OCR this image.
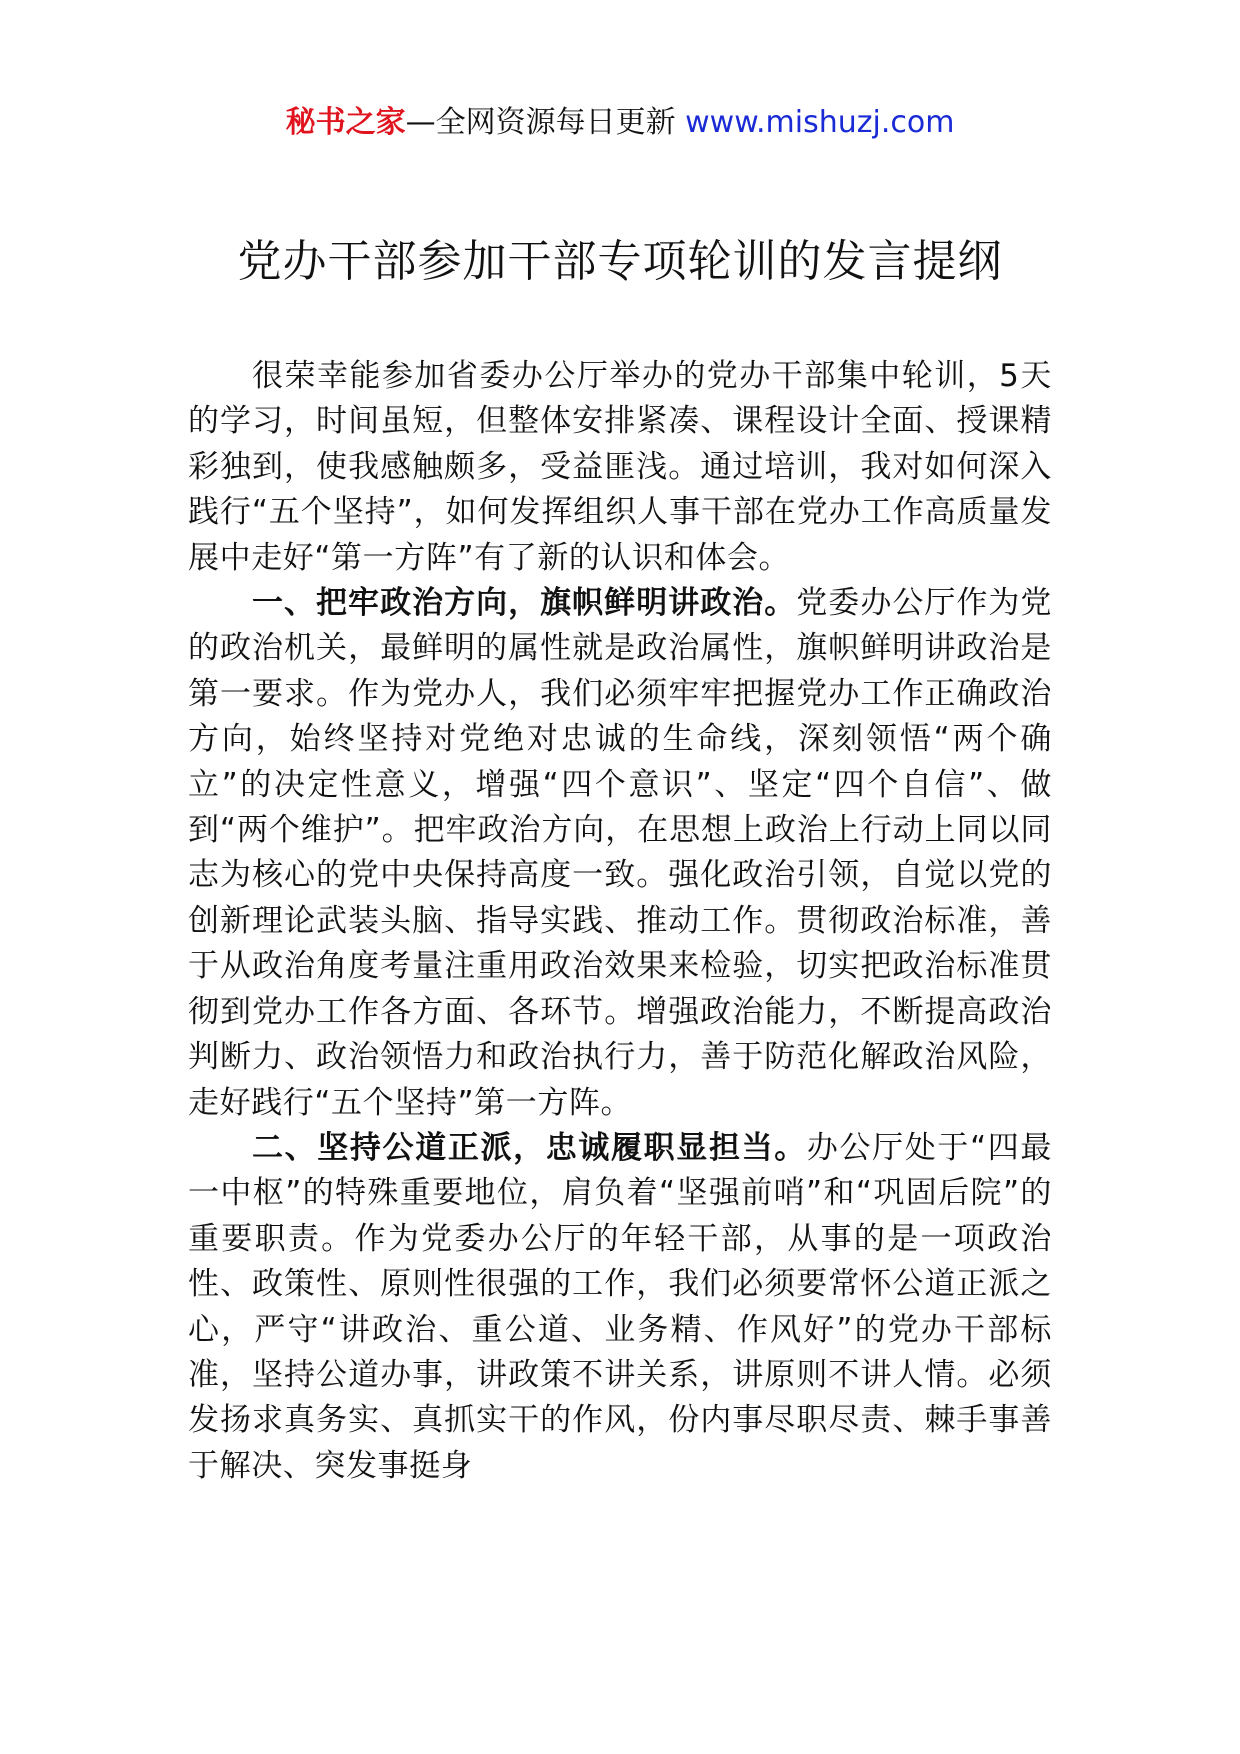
秘书之家—全网资源每日更新 www.mishuzj.com
党办干部参加干部专项轮训的发言提纲

很荣幸能参加省委办公厅举办的党办干部集中轮训，5天的学习，时间虽短，但整体安排紧凑、课程设计全面、授课精彩独到，使我感触颇多，受益匪浅。通过培训，我对如何深入践行“五个坚持”，如何发挥组织人事干部在党办工作高质量发展中走好“第一方阵”有了新的认识和体会。

一、把牢政治方向，旗帜鲜明讲政治。党委办公厅作为党的政治机关，最鲜明的属性就是政治属性，旗帜鲜明讲政治是第一要求。作为党办人，我们必须牢牢把握党办工作正确政治方向，始终坚持对党绝对忠诚的生命线，深刻领悟“两个确立”的决定性意义，增强“四个意识”、坚定“四个自信”、做到“两个维护”。把牢政治方向，在思想上政治上行动上同以同志为核心的党中央保持高度一致。强化政治引领，自觉以党的创新理论武装头脑、指导实践、推动工作。贯彻政治标准，善于从政治角度考量注重用政治效果来检验，切实把政治标准贯彻到党办工作各方面、各环节。增强政治能力，不断提高政治判断力、政治领悟力和政治执行力，善于防范化解政治风险，走好践行“五个坚持”第一方阵。

二、坚持公道正派，忠诚履职显担当。办公厅处于“四最一中枢”的特殊重要地位，肩负着“坚强前哨”和“巩固后院”的重要职责。作为党委办公厅的年轻干部，从事的是一项政治性、政策性、原则性很强的工作，我们必须要常怀公道正派之心，严守“讲政治、重公道、业务精、作风好”的党办干部标准，坚持公道办事，讲政策不讲关系，讲原则不讲人情。必须发扬求真务实、真抓实干的作风，份内事尽职尽责、棘手事善于解决、突发事挺身
